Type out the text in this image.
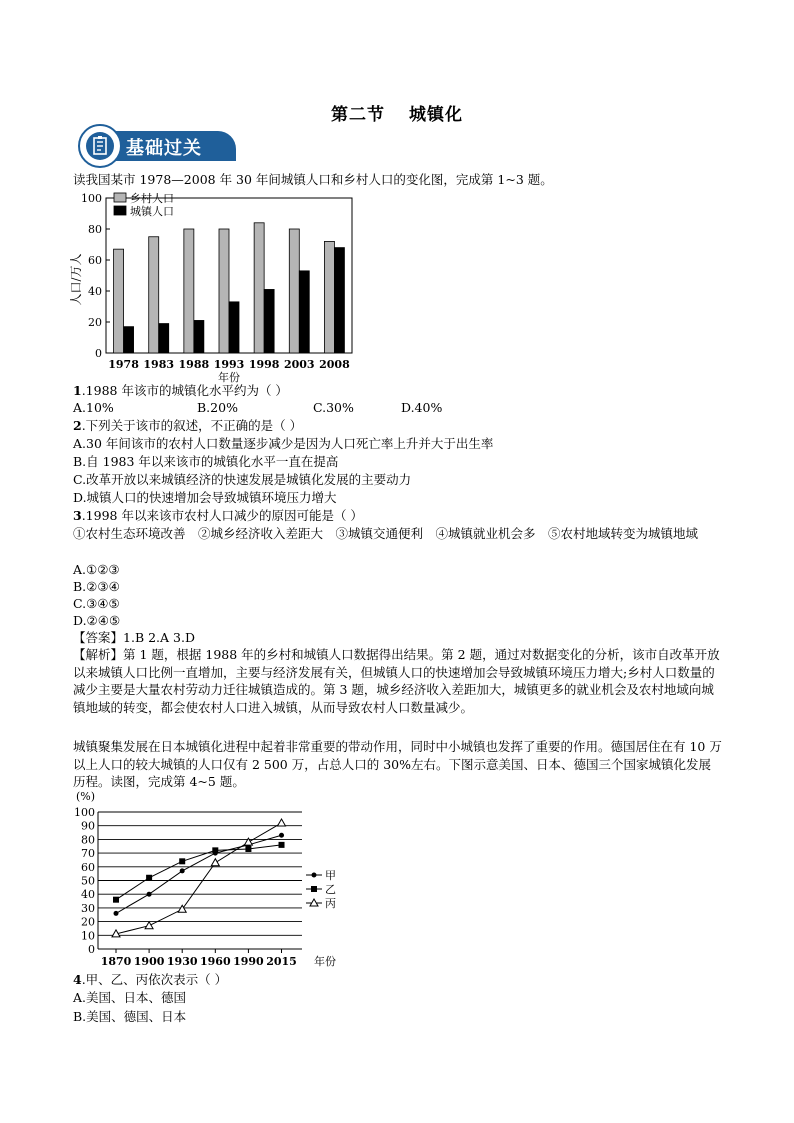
第二节 城镇化
基础过关
读我国某市 1978—2008 年 30 年间城镇人口和乡村人口的变化图，完成第 1~3 题。
0
20
40
60
80
100
1978 1983 1988 1993 1998 2003 2008
年份
人口/万人
乡村人口
城镇人口
1.1988 年该市的城镇化水平约为（ ）
A.10%	B.20%	C.30%	D.40%
2.下列关于该市的叙述，不正确的是（ ）
A.30 年间该市的农村人口数量逐步减少是因为人口死亡率上升并大于出生率
B.自 1983 年以来该市的城镇化水平一直在提高
C.改革开放以来城镇经济的快速发展是城镇化发展的主要动力
D.城镇人口的快速增加会导致城镇环境压力增大
3.1998 年以来该市农村人口减少的原因可能是（ ）
①农村生态环境改善　②城乡经济收入差距大　③城镇交通便利　④城镇就业机会多　⑤农村地域转变为城镇地域
A.①②③
B.②③④
C.③④⑤
D.②④⑤
【答案】1.B 2.A 3.D
【解析】第 1 题，根据 1988 年的乡村和城镇人口数据得出结果。第 2 题，通过对数据变化的分析，该市自改革开放以来城镇人口比例一直增加，主要与经济发展有关，但城镇人口的快速增加会导致城镇环境压力增大;乡村人口数量的减少主要是大量农村劳动力迁往城镇造成的。第 3 题，城乡经济收入差距加大，城镇更多的就业机会及农村地域向城镇地域的转变，都会使农村人口进入城镇，从而导致农村人口数量减少。
城镇聚集发展在日本城镇化进程中起着非常重要的带动作用，同时中小城镇也发挥了重要的作用。德国居住在有 10 万以上人口的较大城镇的人口仅有 2 500 万，占总人口的 30%左右。下图示意美国、日本、德国三个国家城镇化发展历程。读图，完成第 4~5 题。
(%)
0
10
20
30
40
50
60
70
80
90
100
1870 1900 1930 1960 1990 2015 年份
甲
乙
丙
4.甲、乙、丙依次表示（ ）
A.美国、日本、德国
B.美国、德国、日本
